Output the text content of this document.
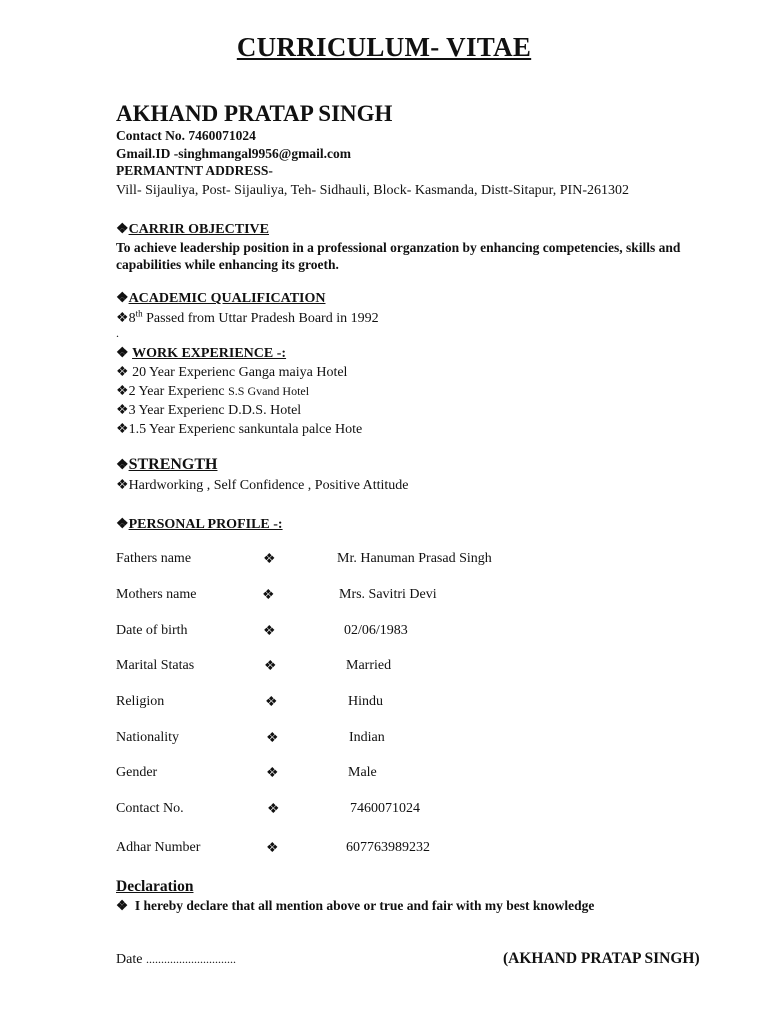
CURRICULUM- VITAE
AKHAND PRATAP SINGH
Contact No. 7460071024
Gmail.ID -singhmangal9956@gmail.com
PERMANTNT ADDRESS-
Vill- Sijauliya, Post- Sijauliya, Teh- Sidhauli, Block- Kasmanda, Distt-Sitapur, PIN-261302
❖CARRIR OBJECTIVE
To achieve leadership position in a professional organzation by enhancing competencies, skills and
capabilities while enhancing its groeth.
❖ACADEMIC QUALIFICATION
❖8th Passed from Uttar Pradesh Board in 1992
.
❖ WORK EXPERIENCE -:
❖ 20 Year Experienc Ganga maiya Hotel
❖2 Year Experienc S.S Gvand Hotel
❖3 Year Experienc D.D.S. Hotel
❖1.5 Year Experienc sankuntala palce Hote
❖STRENGTH
❖Hardworking , Self Confidence , Positive Attitude
❖PERSONAL PROFILE -:
Fathers name	❖	Mr. Hanuman Prasad Singh
Mothers name	❖	Mrs. Savitri Devi
Date of birth	❖	02/06/1983
Marital Statas	❖	Married
Religion	❖	Hindu
Nationality	❖	Indian
Gender	❖	Male
Contact No.	❖	7460071024
Adhar Number	❖	607763989232
Declaration
❖ I hereby declare that all mention above or true and fair with my best knowledge
Date ..............................	(AKHAND PRATAP SINGH)
